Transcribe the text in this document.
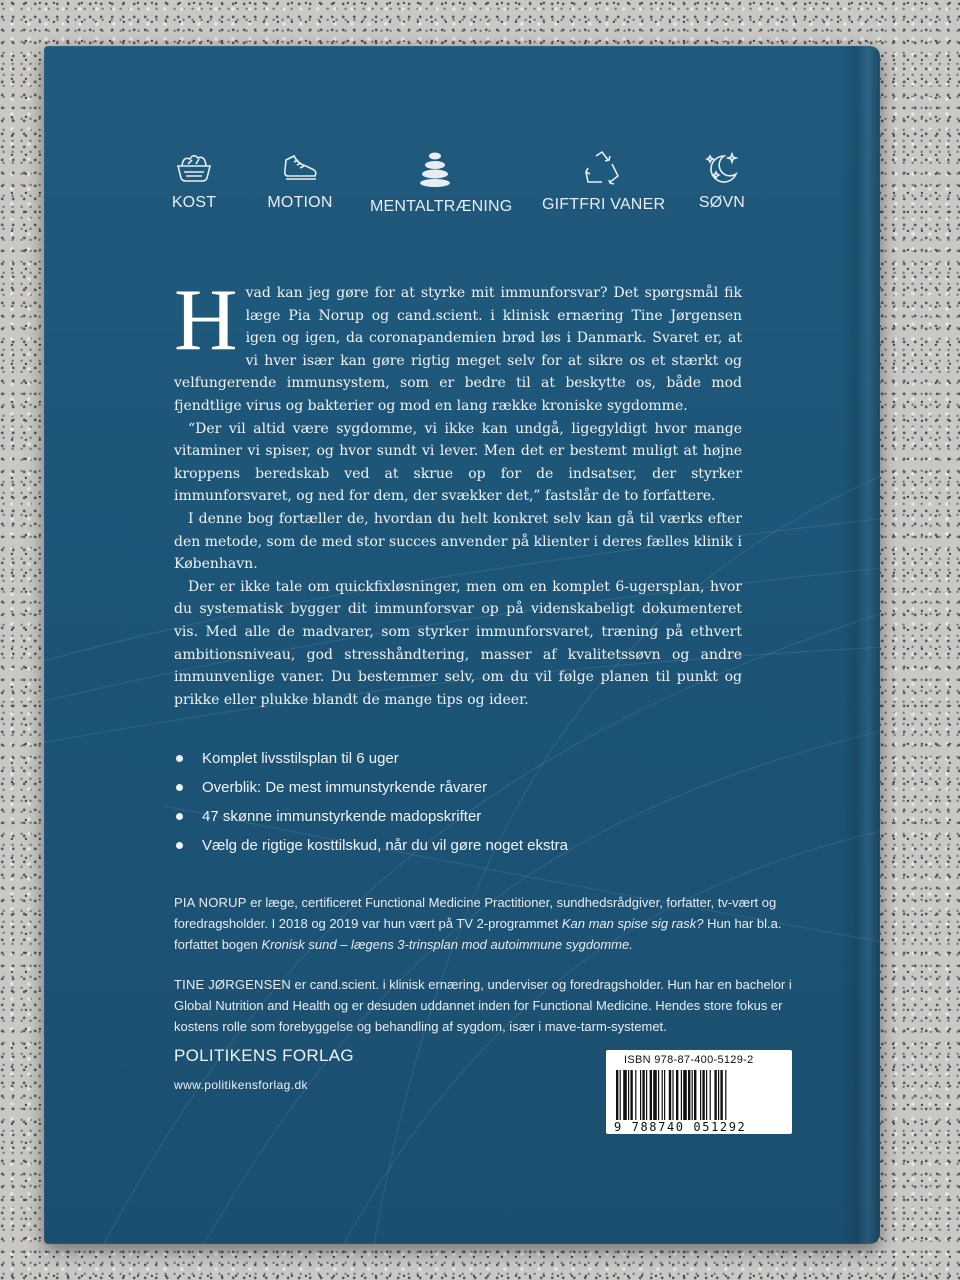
KOST	MOTION	MENTALTRÆNING GIFTFRI VANER	SØVN

Hvad kan jeg gøre for at styrke mit immunforsvar? Det spørgsmål fik læge Pia Norup og cand.scient. i klinisk ernæring Tine Jørgensen igen og igen, da coronapandemien brød løs i Danmark. Svaret er, at vi hver især kan gøre rigtig meget selv for at sikre os et stærkt og velfungerende immunsystem, som er bedre til at beskytte os, både mod fjendtlige virus og bakterier og mod en lang række kroniske sygdomme.

“Der vil altid være sygdomme, vi ikke kan undgå, ligegyldigt hvor mange vitaminer vi spiser, og hvor sundt vi lever. Men det er bestemt muligt at højne kroppens beredskab ved at skrue op for de indsatser, der styrker immunforsvaret, og ned for dem, der svækker det,” fastslår de to forfattere.

I denne bog fortæller de, hvordan du helt konkret selv kan gå til værks efter den metode, som de med stor succes anvender på klienter i deres fælles klinik i København.

Der er ikke tale om quickfixløsninger, men om en komplet 6-ugersplan, hvor du systematisk bygger dit immunforsvar op på videnskabeligt dokumenteret vis. Med alle de madvarer, som styrker immunforsvaret, træning på ethvert ambitionsniveau, god stresshåndtering, masser af kvalitetssøvn og andre immunvenlige vaner. Du bestemmer selv, om du vil følge planen til punkt og prikke eller plukke blandt de mange tips og ideer.

Komplet livsstilsplan til 6 uger
Overblik: De mest immunstyrkende råvarer
47 skønne immunstyrkende madopskrifter
Vælg de rigtige kosttilskud, når du vil gøre noget ekstra
PIA NORUP er læge, certificeret Functional Medicine Practitioner, sundhedsrådgiver, forfatter, tv-vært og foredragsholder. I 2018 og 2019 var hun vært på TV 2-programmet Kan man spise sig rask? Hun har bl.a. forfattet bogen Kronisk sund – lægens 3-trinsplan mod autoimmune sygdomme.
TINE JØRGENSEN er cand.scient. i klinisk ernæring, underviser og foredragsholder. Hun har en bachelor i Global Nutrition and Health og er desuden uddannet inden for Functional Medicine. Hendes store fokus er kostens rolle som forebyggelse og behandling af sygdom, især i mave-tarm-systemet.
POLITIKENS FORLAG
www.politikensforlag.dk
ISBN 978-87-400-5129-2
9 788740 051292
